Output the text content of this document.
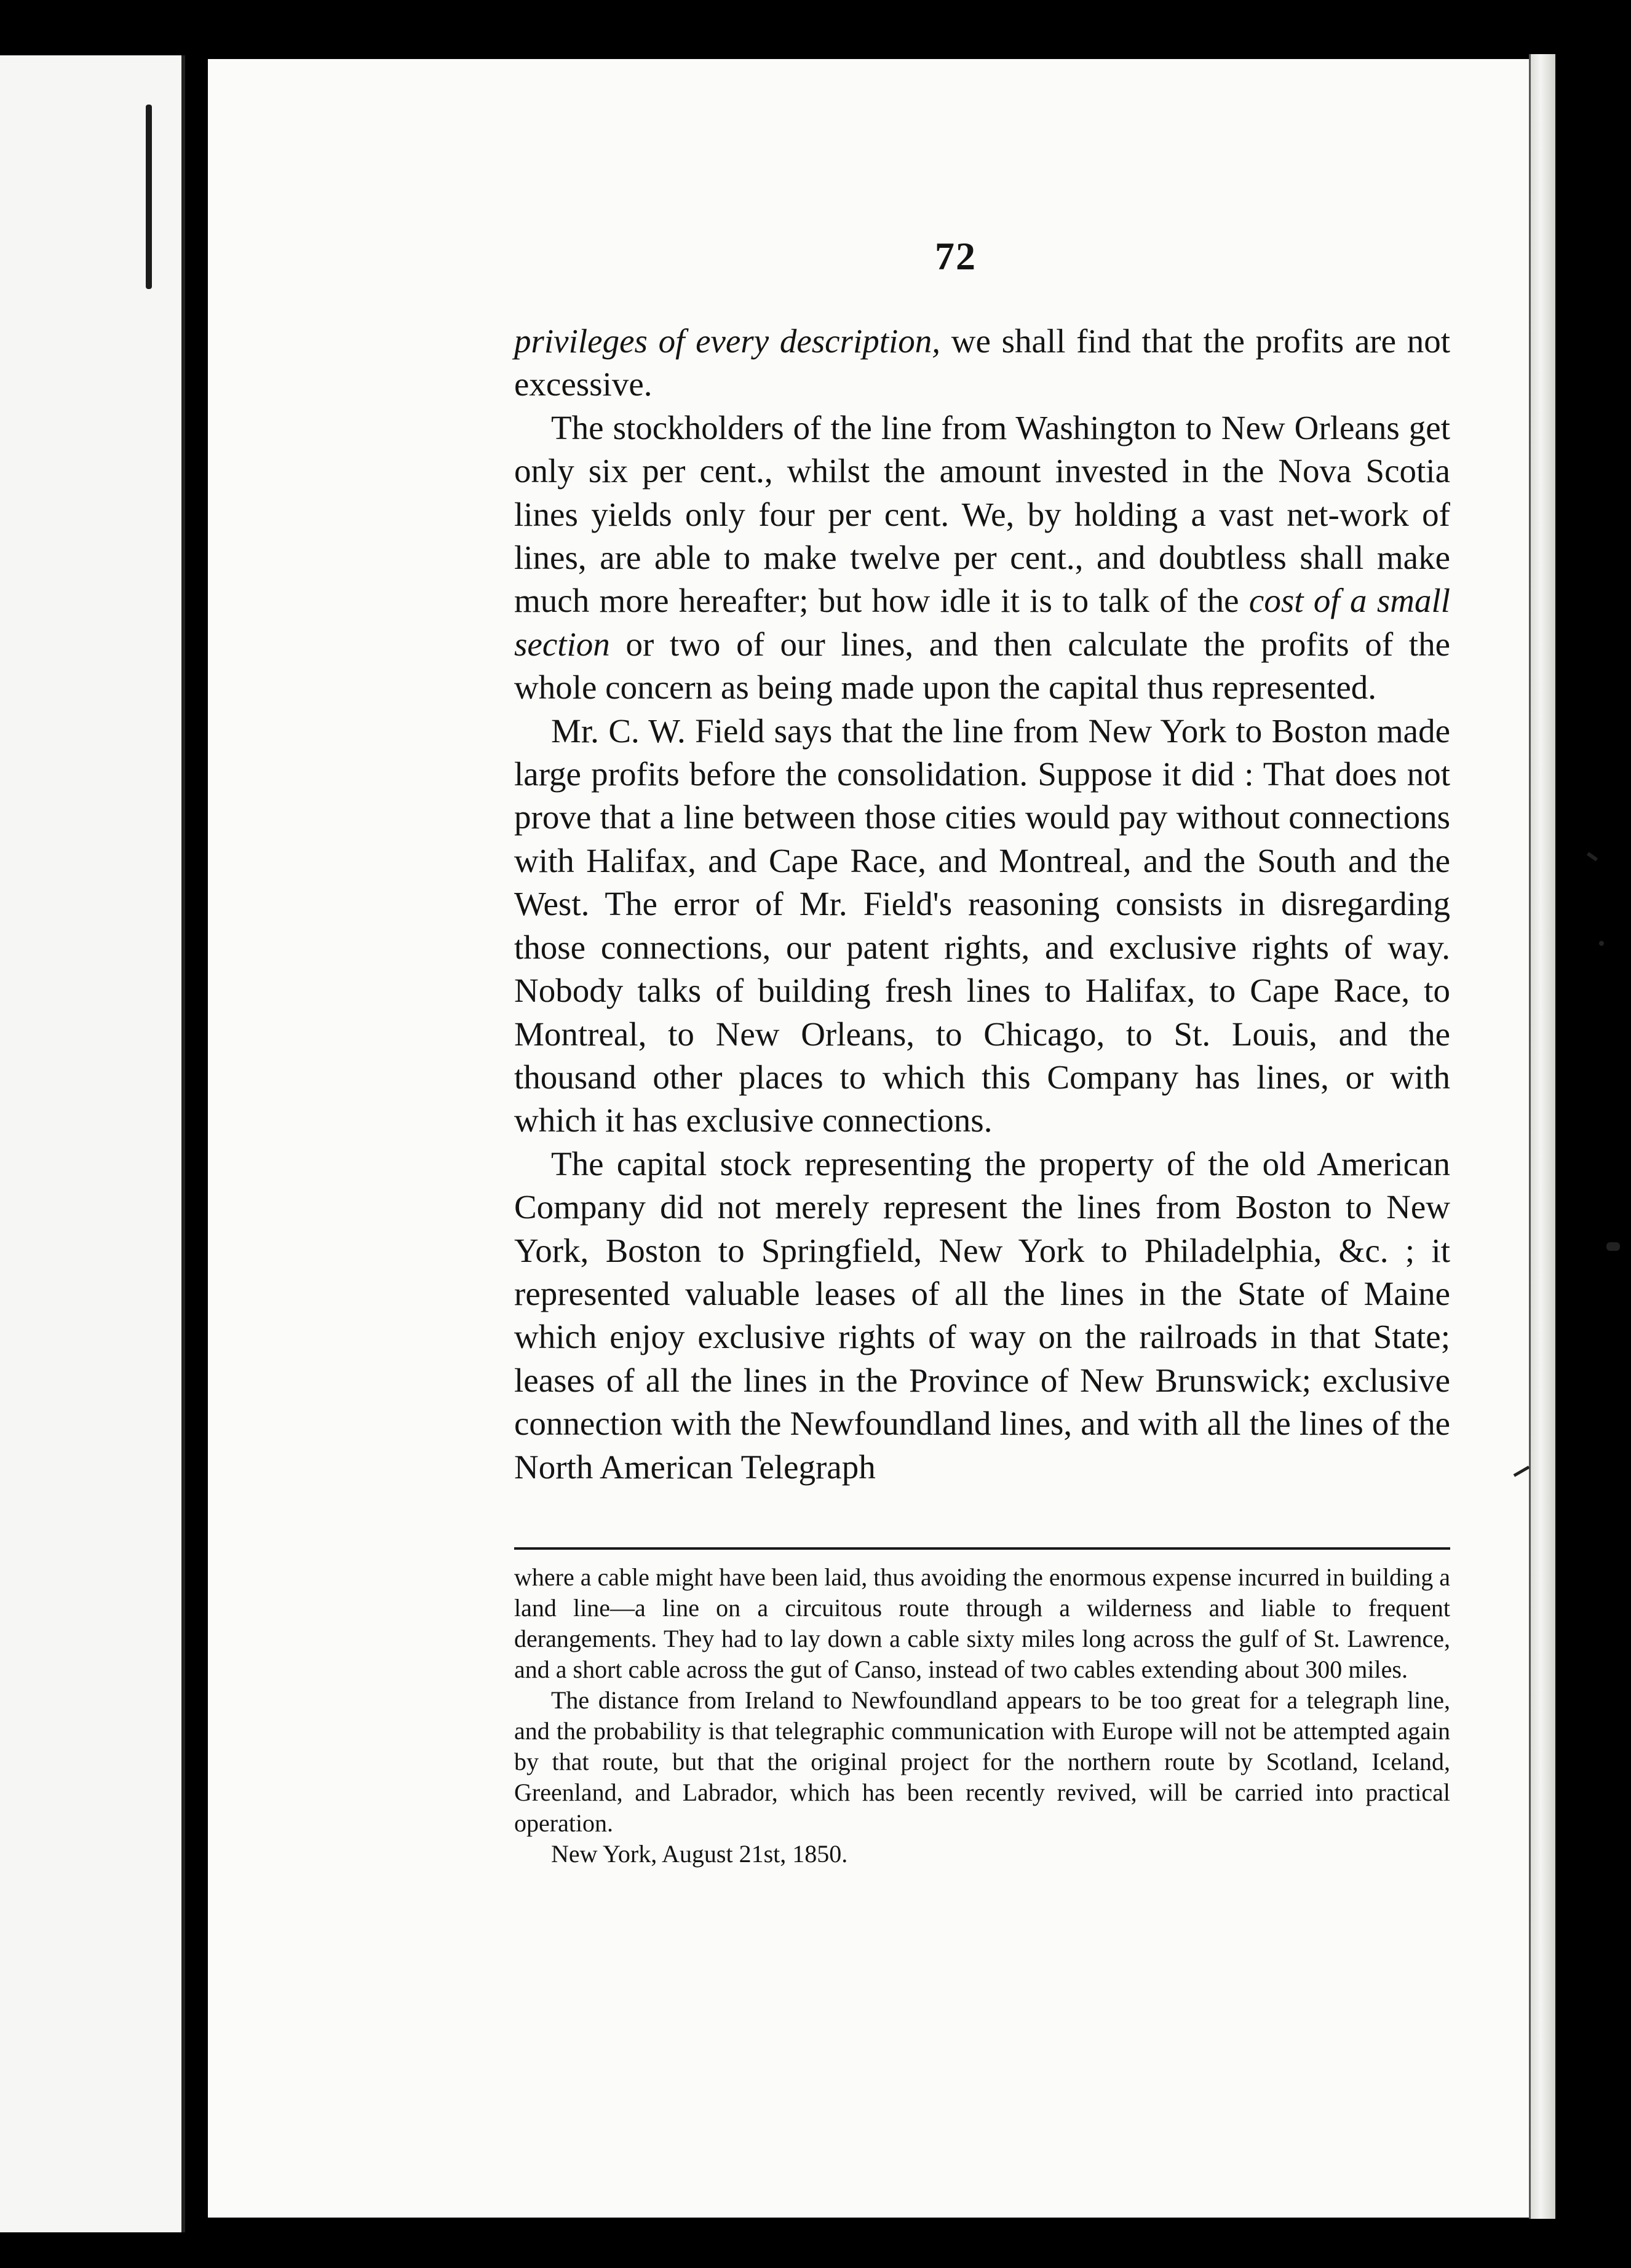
72

privileges of every description, we shall find that the profits are not excessive.

The stockholders of the line from Washington to New Orleans get only six per cent., whilst the amount invested in the Nova Scotia lines yields only four per cent. We, by holding a vast net-work of lines, are able to make twelve per cent., and doubtless shall make much more hereafter; but how idle it is to talk of the cost of a small section or two of our lines, and then calculate the profits of the whole concern as being made upon the capital thus represented.

Mr. C. W. Field says that the line from New York to Boston made large profits before the consolidation. Suppose it did : That does not prove that a line between those cities would pay without connections with Halifax, and Cape Race, and Montreal, and the South and the West. The error of Mr. Field's reasoning consists in disregarding those connections, our patent rights, and exclusive rights of way. Nobody talks of building fresh lines to Halifax, to Cape Race, to Montreal, to New Orleans, to Chicago, to St. Louis, and the thousand other places to which this Company has lines, or with which it has exclusive connections.

The capital stock representing the property of the old American Company did not merely represent the lines from Boston to New York, Boston to Springfield, New York to Philadelphia, &c. ; it represented valuable leases of all the lines in the State of Maine which enjoy exclusive rights of way on the railroads in that State; leases of all the lines in the Province of New Brunswick; exclusive connection with the Newfoundland lines, and with all the lines of the North American Telegraph

where a cable might have been laid, thus avoiding the enormous expense incurred in building a land line—a line on a circuitous route through a wilderness and liable to frequent derangements. They had to lay down a cable sixty miles long across the gulf of St. Lawrence, and a short cable across the gut of Canso, instead of two cables extending about 300 miles.

The distance from Ireland to Newfoundland appears to be too great for a telegraph line, and the probability is that telegraphic communication with Europe will not be attempted again by that route, but that the original project for the northern route by Scotland, Iceland, Greenland, and Labrador, which has been recently revived, will be carried into practical operation.

New York, August 21st, 1850.
